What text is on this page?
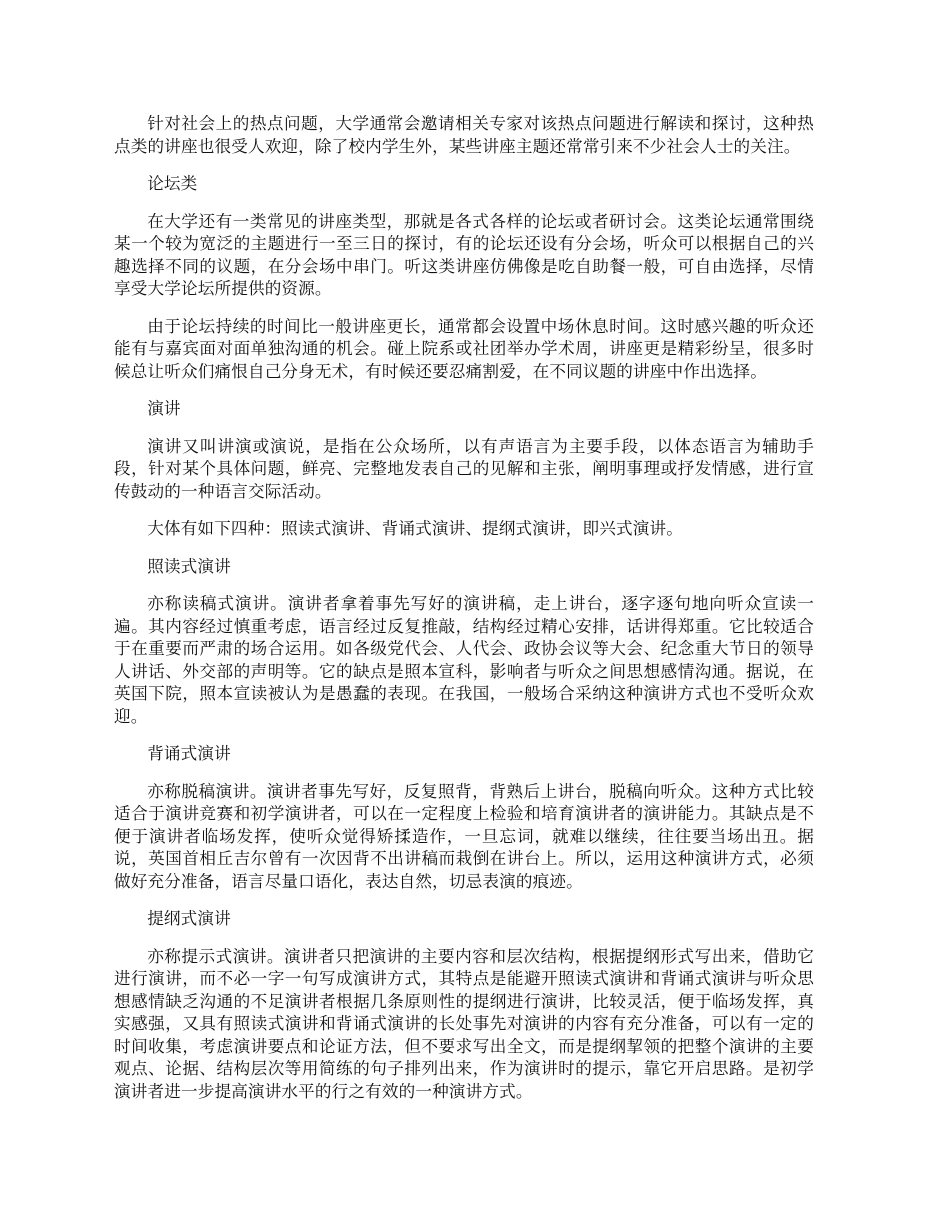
针对社会上的热点问题，大学通常会邀请相关专家对该热点问题进行解读和探讨，这种热点类的讲座也很受人欢迎，除了校内学生外，某些讲座主题还常常引来不少社会人士的关注。

论坛类

在大学还有一类常见的讲座类型，那就是各式各样的论坛或者研讨会。这类论坛通常围绕某一个较为宽泛的主题进行一至三日的探讨，有的论坛还设有分会场，听众可以根据自己的兴趣选择不同的议题，在分会场中串门。听这类讲座仿佛像是吃自助餐一般，可自由选择，尽情享受大学论坛所提供的资源。

由于论坛持续的时间比一般讲座更长，通常都会设置中场休息时间。这时感兴趣的听众还能有与嘉宾面对面单独沟通的机会。碰上院系或社团举办学术周，讲座更是精彩纷呈，很多时候总让听众们痛恨自己分身无术，有时候还要忍痛割爱，在不同议题的讲座中作出选择。

演讲

演讲又叫讲演或演说，是指在公众场所，以有声语言为主要手段，以体态语言为辅助手段，针对某个具体问题，鲜亮、完整地发表自己的见解和主张，阐明事理或抒发情感，进行宣传鼓动的一种语言交际活动。

大体有如下四种：照读式演讲、背诵式演讲、提纲式演讲，即兴式演讲。

照读式演讲

亦称读稿式演讲。演讲者拿着事先写好的演讲稿，走上讲台，逐字逐句地向听众宣读一遍。其内容经过慎重考虑，语言经过反复推敲，结构经过精心安排，话讲得郑重。它比较适合于在重要而严肃的场合运用。如各级党代会、人代会、政协会议等大会、纪念重大节日的领导人讲话、外交部的声明等。它的缺点是照本宣科，影响者与听众之间思想感情沟通。据说，在英国下院，照本宣读被认为是愚蠢的表现。在我国，一般场合采纳这种演讲方式也不受听众欢迎。

背诵式演讲

亦称脱稿演讲。演讲者事先写好，反复照背，背熟后上讲台，脱稿向听众。这种方式比较适合于演讲竞赛和初学演讲者，可以在一定程度上检验和培育演讲者的演讲能力。其缺点是不便于演讲者临场发挥，使听众觉得矫揉造作，一旦忘词，就难以继续，往往要当场出丑。据说，英国首相丘吉尔曾有一次因背不出讲稿而栽倒在讲台上。所以，运用这种演讲方式，必须做好充分准备，语言尽量口语化，表达自然，切忌表演的痕迹。

提纲式演讲

亦称提示式演讲。演讲者只把演讲的主要内容和层次结构，根据提纲形式写出来，借助它进行演讲，而不必一字一句写成演讲方式，其特点是能避开照读式演讲和背诵式演讲与听众思想感情缺乏沟通的不足演讲者根据几条原则性的提纲进行演讲，比较灵活，便于临场发挥，真实感强，又具有照读式演讲和背诵式演讲的长处事先对演讲的内容有充分准备，可以有一定的时间收集，考虑演讲要点和论证方法，但不要求写出全文，而是提纲挈领的把整个演讲的主要观点、论据、结构层次等用简练的句子排列出来，作为演讲时的提示，靠它开启思路。是初学演讲者进一步提高演讲水平的行之有效的一种演讲方式。
